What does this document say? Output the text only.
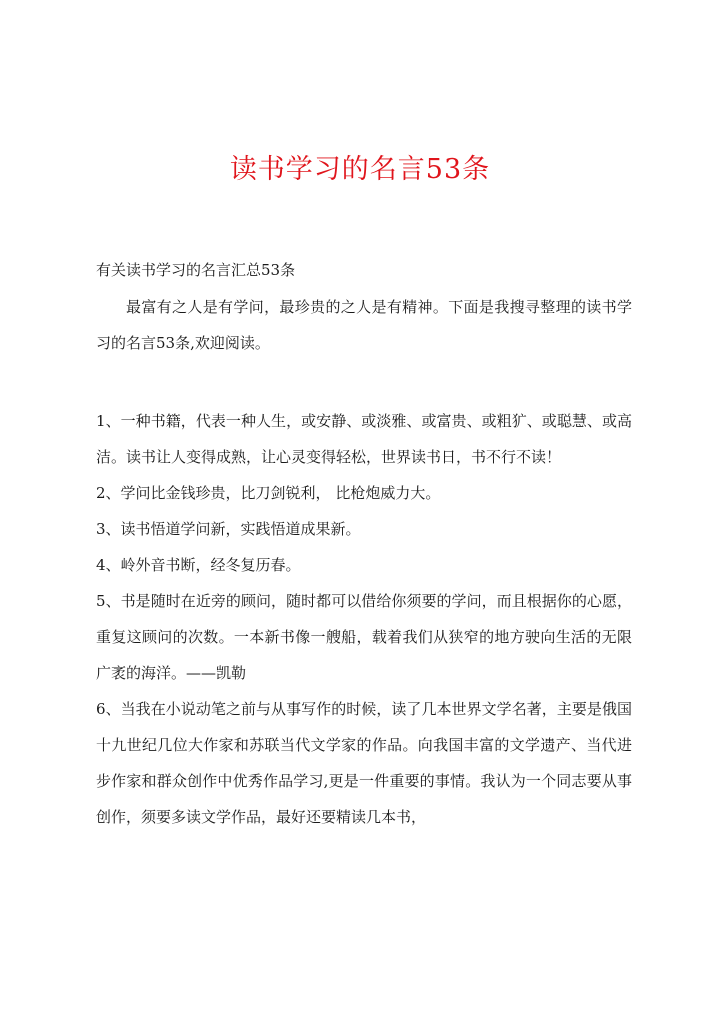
读书学习的名言53条
有关读书学习的名言汇总53条

最富有之人是有学问，最珍贵的之人是有精神。下面是我搜寻整理的读书学习的名言53条,欢迎阅读。

1、一种书籍，代表一种人生，或安静、或淡雅、或富贵、或粗犷、或聪慧、或高洁。读书让人变得成熟，让心灵变得轻松，世界读书日，书不行不读！

2、学问比金钱珍贵，比刀剑锐利， 比枪炮威力大。

3、读书悟道学问新，实践悟道成果新。

4、岭外音书断，经冬复历春。

5、书是随时在近旁的顾问，随时都可以借给你须要的学问，而且根据你的心愿，重复这顾问的次数。一本新书像一艘船，载着我们从狭窄的地方驶向生活的无限广袤的海洋。——凯勒

6、当我在小说动笔之前与从事写作的时候，读了几本世界文学名著，主要是俄国十九世纪几位大作家和苏联当代文学家的作品。向我国丰富的文学遗产、当代进步作家和群众创作中优秀作品学习,更是一件重要的事情。我认为一个同志要从事创作，须要多读文学作品，最好还要精读几本书，
